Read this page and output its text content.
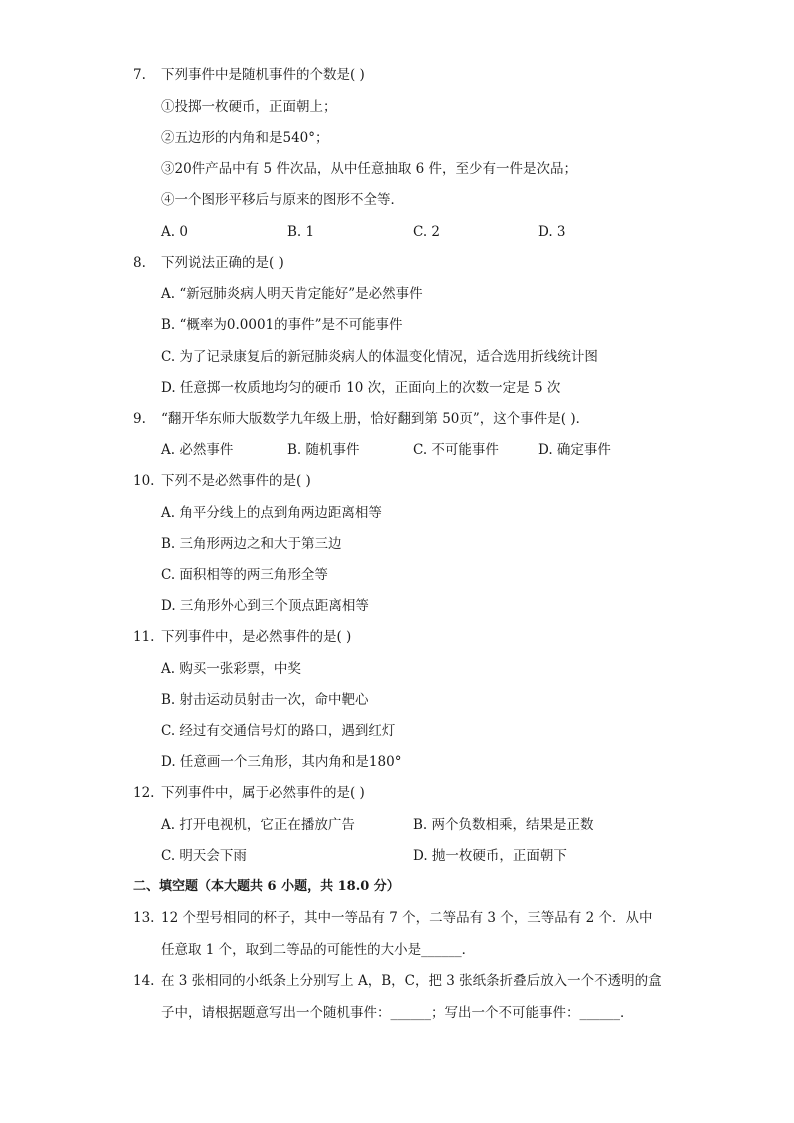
7. 下列事件中是随机事件的个数是( )
①投掷一枚硬币，正面朝上；
②五边形的内角和是540°；
③20件产品中有 5 件次品，从中任意抽取 6 件，至少有一件是次品；
④一个图形平移后与原来的图形不全等．
A. 0	B. 1	C. 2	D. 3
8. 下列说法正确的是( )
A. “新冠肺炎病人明天肯定能好”是必然事件
B. “概率为0.0001的事件”是不可能事件
C. 为了记录康复后的新冠肺炎病人的体温变化情况，适合选用折线统计图
D. 任意掷一枚质地均匀的硬币 10 次，正面向上的次数一定是 5 次
9. “翻开华东师大版数学九年级上册，恰好翻到第 50页”，这个事件是( )．
A. 必然事件	B. 随机事件	C. 不可能事件	D. 确定事件
10. 下列不是必然事件的是( )
A. 角平分线上的点到角两边距离相等
B. 三角形两边之和大于第三边
C. 面积相等的两三角形全等
D. 三角形外心到三个顶点距离相等
11. 下列事件中，是必然事件的是( )
A. 购买一张彩票，中奖
B. 射击运动员射击一次，命中靶心
C. 经过有交通信号灯的路口，遇到红灯
D. 任意画一个三角形，其内角和是180°
12. 下列事件中，属于必然事件的是( )
A. 打开电视机，它正在播放广告	B. 两个负数相乘，结果是正数
C. 明天会下雨	D. 抛一枚硬币，正面朝下
二、填空题（本大题共 6 小题，共 18.0 分）
13. 12 个型号相同的杯子，其中一等品有 7 个，二等品有 3 个，三等品有 2 个．从中
任意取 1 个，取到二等品的可能性的大小是______．
14. 在 3 张相同的小纸条上分别写上 A，B，C，把 3 张纸条折叠后放入一个不透明的盒
子中，请根据题意写出一个随机事件：______；写出一个不可能事件：______．
